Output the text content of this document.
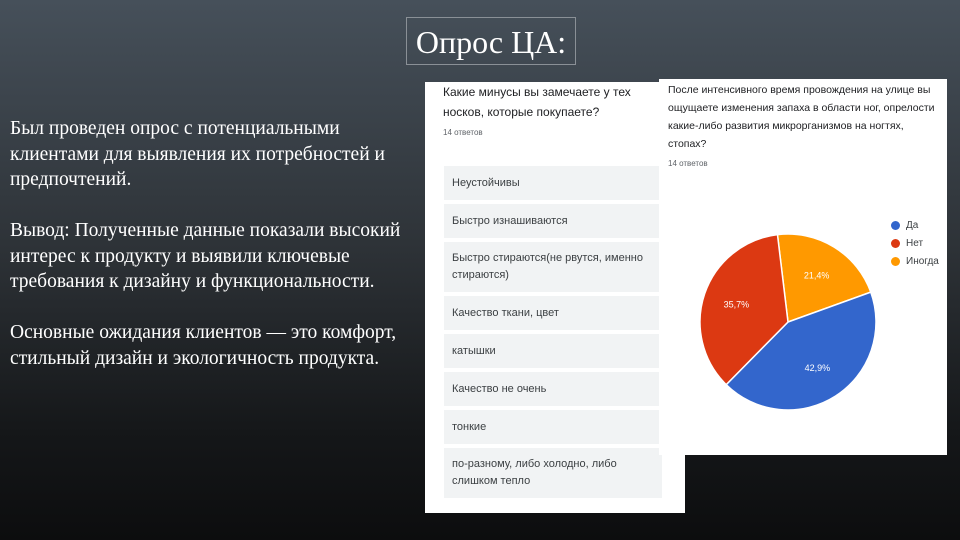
Опрос ЦА:

Был проведен опрос с потенциальными клиентами для выявления их потребностей и предпочтений.

Вывод: Полученные данные показали высокий интерес к продукту и выявили ключевые требования к дизайну и функциональности.

Основные ожидания клиентов — это комфорт, стильный дизайн и экологичность продукта.

Какие минусы вы замечаете у тех носков, которые покупаете?
14 ответов
Неустойчивы
Быстро изнашиваются
Быстро стираются(не рвутся, именно стираются)
Качество ткани, цвет
катышки
Качество не очень
тонкие
по-разному, либо холодно, либо слишком тепло
После интенсивного время провождения на улице вы ощущаете изменения запаха в области ног, опрелости какие-либо развития микрорганизмов на ногтях, стопах?
14 ответов
21,4%
42,9%
35,7%
Да
Нет
Иногда
